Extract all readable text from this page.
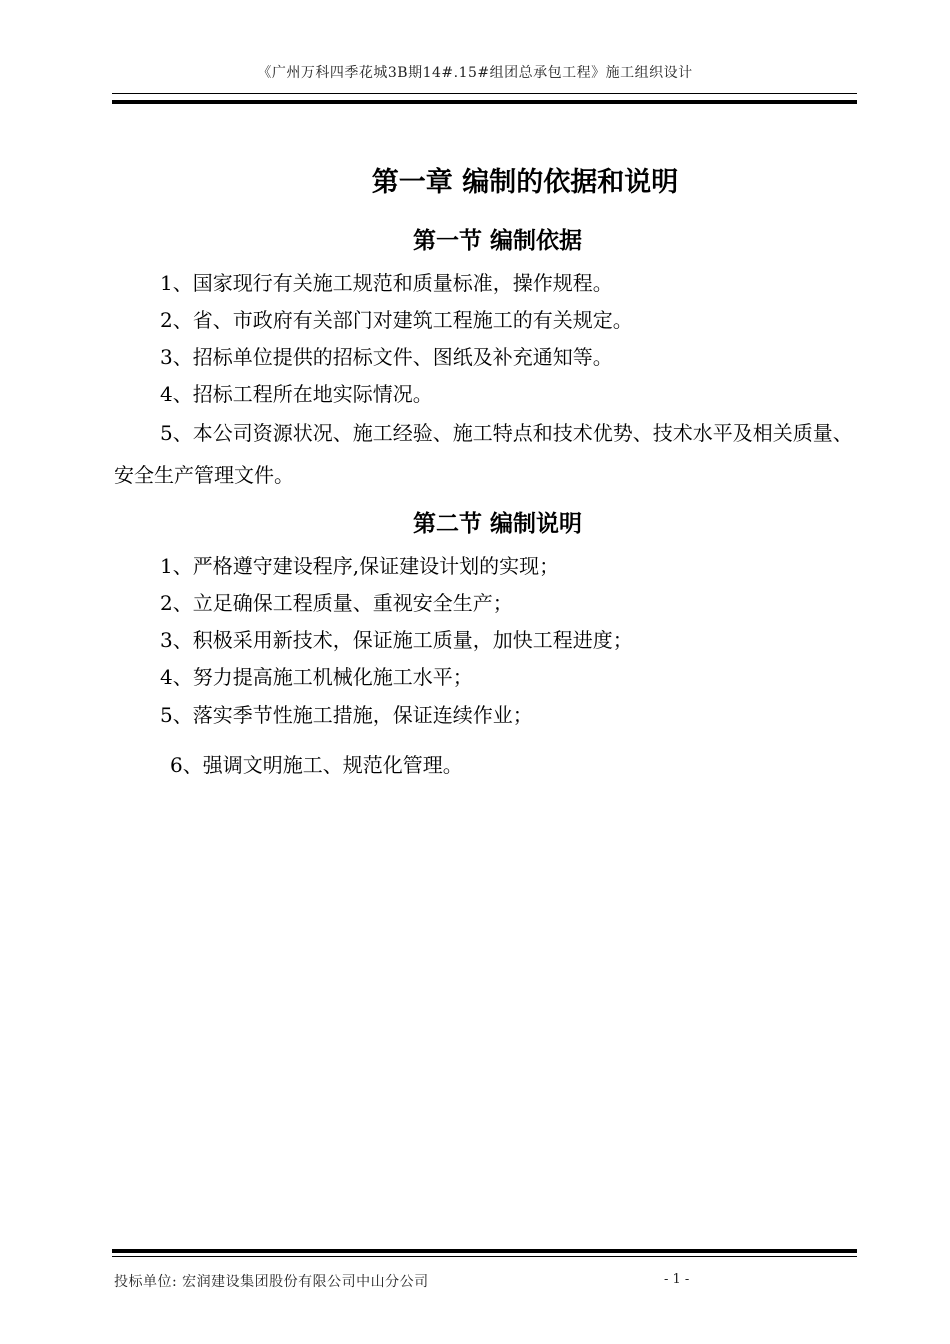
《广州万科四季花城3B期14#.15#组团总承包工程》施工组织设计
第一章 编制的依据和说明
第一节 编制依据
1、国家现行有关施工规范和质量标准，操作规程。
2、省、市政府有关部门对建筑工程施工的有关规定。
3、招标单位提供的招标文件、图纸及补充通知等。
4、招标工程所在地实际情况。
5、本公司资源状况、施工经验、施工特点和技术优势、技术水平及相关质量、
安全生产管理文件。
第二节 编制说明
1、严格遵守建设程序,保证建设计划的实现；
2、立足确保工程质量、重视安全生产；
3、积极采用新技术，保证施工质量，加快工程进度；
4、努力提高施工机械化施工水平；
5、落实季节性施工措施，保证连续作业；
6、强调文明施工、规范化管理。
投标单位: 宏润建设集团股份有限公司中山分公司	- 1 -
